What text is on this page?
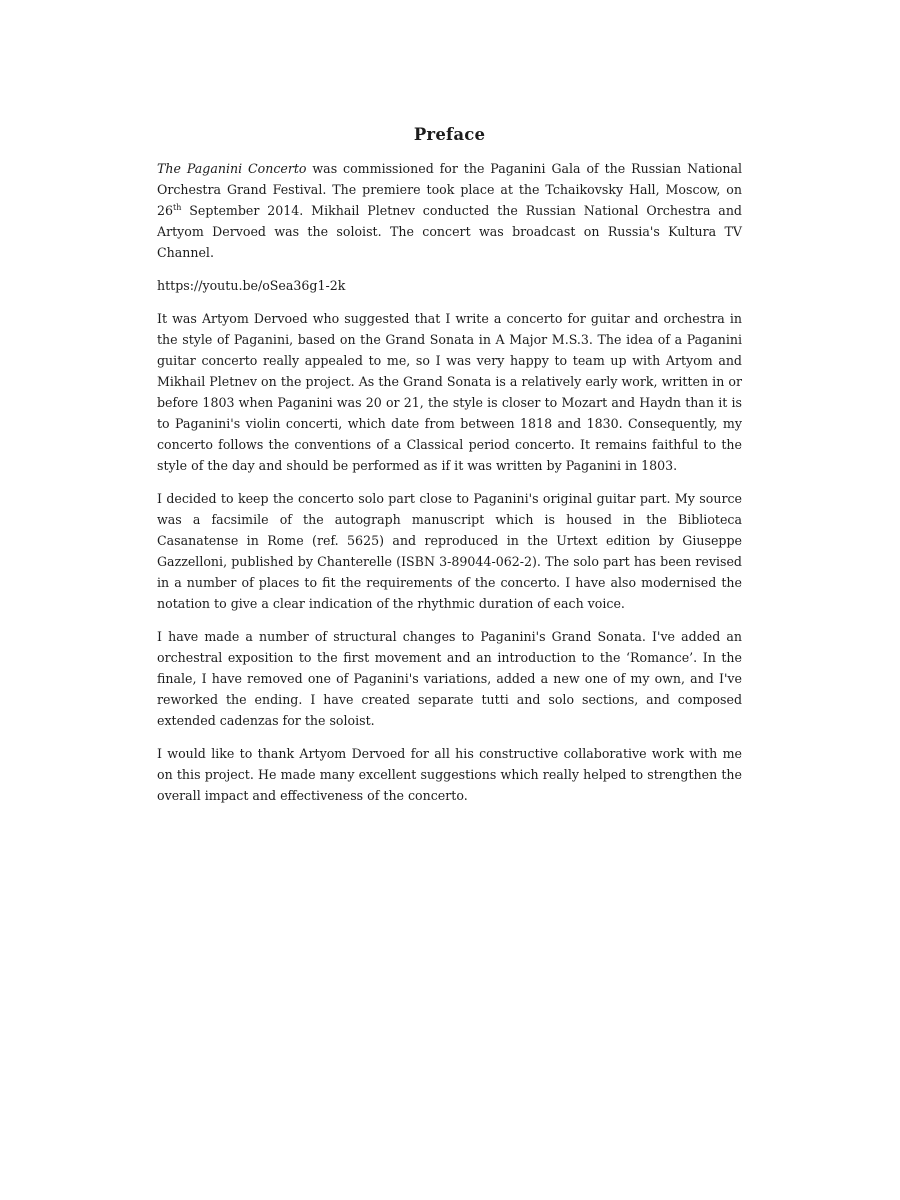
Preface

The Paganini Concerto was commissioned for the Paganini Gala of the Russian National Orchestra Grand Festival. The premiere took place at the Tchaikovsky Hall, Moscow, on 26th September 2014. Mikhail Pletnev conducted the Russian National Orchestra and Artyom Dervoed was the soloist. The concert was broadcast on Russia's Kultura TV Channel.

https://youtu.be/oSea36g1-2k

It was Artyom Dervoed who suggested that I write a concerto for guitar and orchestra in the style of Paganini, based on the Grand Sonata in A Major M.S.3. The idea of a Paganini guitar concerto really appealed to me, so I was very happy to team up with Artyom and Mikhail Pletnev on the project. As the Grand Sonata is a relatively early work, written in or before 1803 when Paganini was 20 or 21, the style is closer to Mozart and Haydn than it is to Paganini's violin concerti, which date from between 1818 and 1830. Consequently, my concerto follows the conventions of a Classical period concerto. It remains faithful to the style of the day and should be performed as if it was written by Paganini in 1803.

I decided to keep the concerto solo part close to Paganini's original guitar part. My source was a facsimile of the autograph manuscript which is housed in the Biblioteca Casanatense in Rome (ref. 5625) and reproduced in the Urtext edition by Giuseppe Gazzelloni, published by Chanterelle (ISBN 3-89044-062-2). The solo part has been revised in a number of places to fit the requirements of the concerto. I have also modernised the notation to give a clear indication of the rhythmic duration of each voice.

I have made a number of structural changes to Paganini's Grand Sonata. I've added an orchestral exposition to the first movement and an introduction to the ‘Romance’. In the finale, I have removed one of Paganini's variations, added a new one of my own, and I've reworked the ending. I have created separate tutti and solo sections, and composed extended cadenzas for the soloist.

I would like to thank Artyom Dervoed for all his constructive collaborative work with me on this project. He made many excellent suggestions which really helped to strengthen the overall impact and effectiveness of the concerto.
